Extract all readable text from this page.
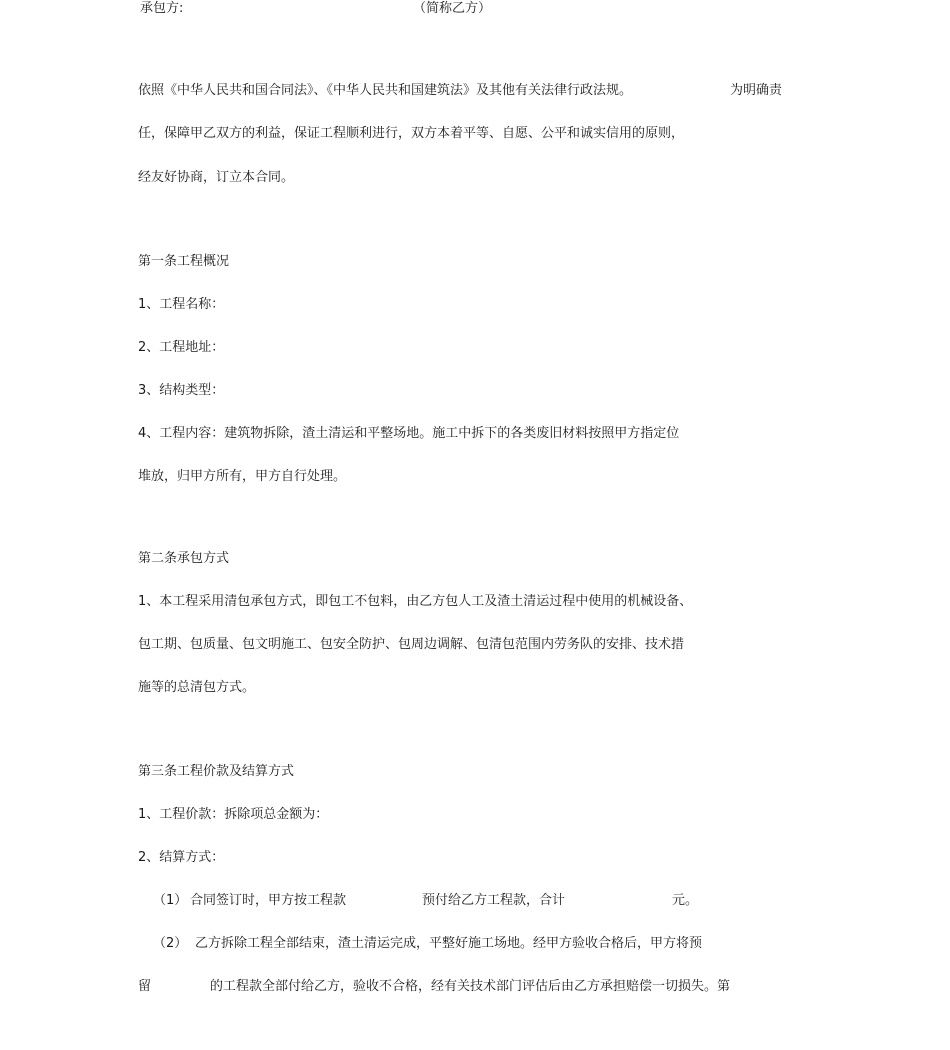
承包方:	（简称乙方）
依照《中华人民共和国合同法》、《中华人民共和国建筑法》及其他有关法律行政法规。	为明确责
任，保障甲乙双方的利益，保证工程顺利进行，双方本着平等、自愿、公平和诚实信用的原则，
经友好协商，订立本合同。
第一条工程概况
1、工程名称：
2、工程地址：
3、结构类型：
4、工程内容：建筑物拆除，渣土清运和平整场地。施工中拆下的各类废旧材料按照甲方指定位
堆放，归甲方所有，甲方自行处理。
第二条承包方式
1、本工程采用清包承包方式，即包工不包料，由乙方包人工及渣土清运过程中使用的机械设备、
包工期、包质量、包文明施工、包安全防护、包周边调解、包清包范围内劳务队的安排、技术措
施等的总清包方式。
第三条工程价款及结算方式
1、工程价款：拆除项总金额为：
2、结算方式：
（1） 合同签订时，甲方按工程款	预付给乙方工程款，合计	元。
（2） 乙方拆除工程全部结束，渣土清运完成，平整好施工场地。经甲方验收合格后，甲方将预
留	的工程款全部付给乙方，验收不合格，经有关技术部门评估后由乙方承担赔偿一切损失。第
